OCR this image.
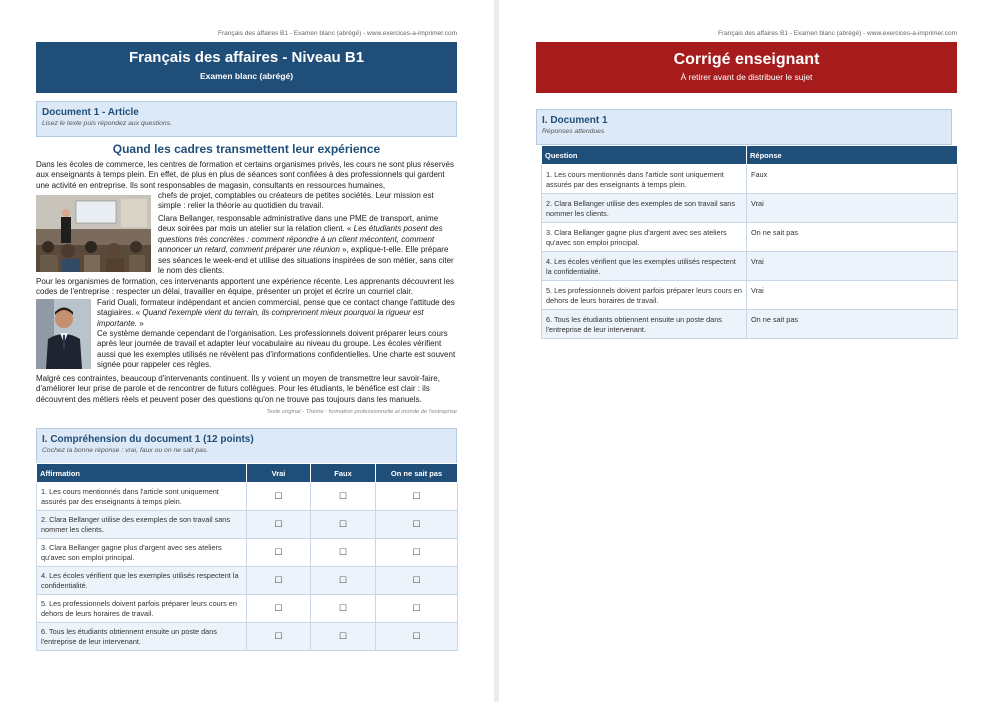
Français des affaires B1 - Examen blanc (abrégé) - www.exercices-a-imprimer.com
Français des affaires - Niveau B1
Examen blanc (abrégé)
Document 1 - Article
Lisez le texte puis répondez aux questions.
Quand les cadres transmettent leur expérience
Dans les écoles de commerce, les centres de formation et certains organismes privés, les cours ne sont plus réservés aux enseignants à temps plein. En effet, de plus en plus de séances sont confiées à des professionnels qui gardent une activité en entreprise. Ils sont responsables de magasin, consultants en ressources humaines,
chefs de projet, comptables ou créateurs de petites sociétés. Leur mission est simple : relier la théorie au quotidien du travail.
Clara Bellanger, responsable administrative dans une PME de transport, anime deux soirées par mois un atelier sur la relation client. « Les étudiants posent des questions très concrètes : comment répondre à un client mécontent, comment annoncer un retard, comment préparer une réunion », explique-t-elle. Elle prépare ses séances le week-end et utilise des situations inspirées de son métier, sans citer le nom des clients.
Pour les organismes de formation, ces intervenants apportent une expérience récente. Les apprenants découvrent les codes de l'entreprise : respecter un délai, travailler en équipe, présenter un projet et écrire un courriel clair.
Farid Ouali, formateur indépendant et ancien commercial, pense que ce contact change l'attitude des stagiaires. « Quand l'exemple vient du terrain, ils comprennent mieux pourquoi la rigueur est importante. »
Ce système demande cependant de l'organisation. Les professionnels doivent préparer leurs cours après leur journée de travail et adapter leur vocabulaire au niveau du groupe. Les écoles vérifient aussi que les exemples utilisés ne révèlent pas d'informations confidentielles. Une charte est souvent signée pour rappeler ces règles.
Malgré ces contraintes, beaucoup d'intervenants continuent. Ils y voient un moyen de transmettre leur savoir-faire, d'améliorer leur prise de parole et de rencontrer de futurs collègues. Pour les étudiants, le bénéfice est clair : ils découvrent des métiers réels et peuvent poser des questions qu'on ne trouve pas toujours dans les manuels.
Texte original - Thème : formation professionnelle et monde de l'entreprise
I. Compréhension du document 1 (12 points)
Cochez la bonne réponse : vrai, faux ou on ne sait pas.
Affirmation	Vrai	Faux	On ne sait pas
1. Les cours mentionnés dans l'article sont uniquement assurés par des enseignants à temps plein.	☐	☐	☐
2. Clara Bellanger utilise des exemples de son travail sans nommer les clients.	☐	☐	☐
3. Clara Bellanger gagne plus d'argent avec ses ateliers qu'avec son emploi principal.	☐	☐	☐
4. Les écoles vérifient que les exemples utilisés respectent la confidentialité.	☐	☐	☐
5. Les professionnels doivent parfois préparer leurs cours en dehors de leurs horaires de travail.	☐	☐	☐
6. Tous les étudiants obtiennent ensuite un poste dans l'entreprise de leur intervenant.	☐	☐	☐
Français des affaires B1 - Examen blanc (abrégé) - www.exercices-a-imprimer.com
Corrigé enseignant
À retirer avant de distribuer le sujet
I. Document 1
Réponses attendues
Question	Réponse
1. Les cours mentionnés dans l'article sont uniquement assurés par des enseignants à temps plein.	Faux
2. Clara Bellanger utilise des exemples de son travail sans nommer les clients.	Vrai
3. Clara Bellanger gagne plus d'argent avec ses ateliers qu'avec son emploi principal.	On ne sait pas
4. Les écoles vérifient que les exemples utilisés respectent la confidentialité.	Vrai
5. Les professionnels doivent parfois préparer leurs cours en dehors de leurs horaires de travail.	Vrai
6. Tous les étudiants obtiennent ensuite un poste dans l'entreprise de leur intervenant.	On ne sait pas
